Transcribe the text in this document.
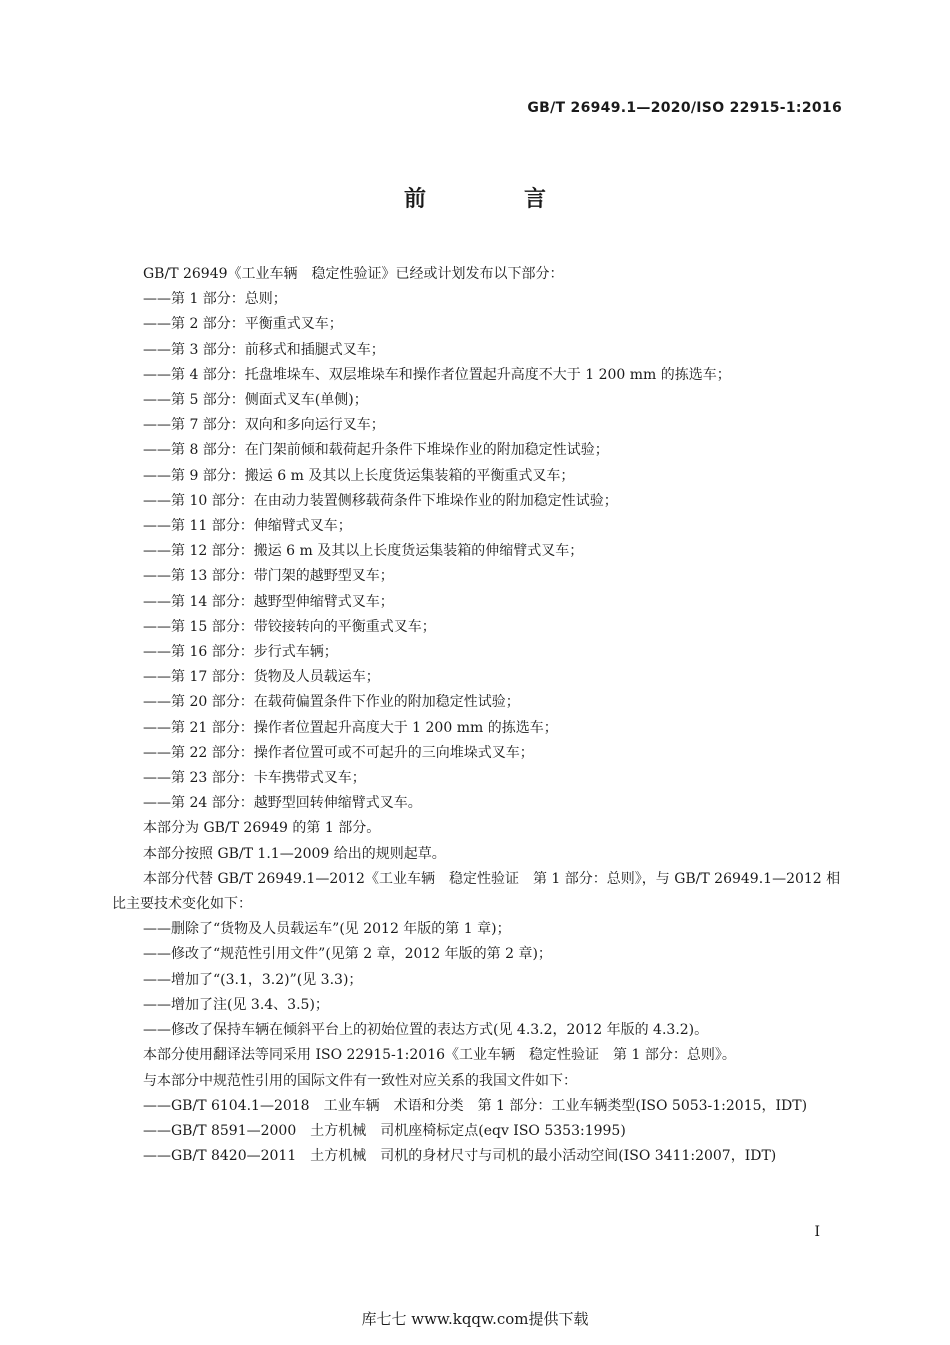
GB/T 26949.1—2020/ISO 22915-1:2016
前　言

GB/T 26949《工业车辆　稳定性验证》已经或计划发布以下部分：

——第 1 部分：总则；

——第 2 部分：平衡重式叉车；

——第 3 部分：前移式和插腿式叉车；

——第 4 部分：托盘堆垛车、双层堆垛车和操作者位置起升高度不大于 1 200 mm 的拣选车；

——第 5 部分：侧面式叉车(单侧)；

——第 7 部分：双向和多向运行叉车；

——第 8 部分：在门架前倾和载荷起升条件下堆垛作业的附加稳定性试验；

——第 9 部分：搬运 6 m 及其以上长度货运集装箱的平衡重式叉车；

——第 10 部分：在由动力装置侧移载荷条件下堆垛作业的附加稳定性试验；

——第 11 部分：伸缩臂式叉车；

——第 12 部分：搬运 6 m 及其以上长度货运集装箱的伸缩臂式叉车；

——第 13 部分：带门架的越野型叉车；

——第 14 部分：越野型伸缩臂式叉车；

——第 15 部分：带铰接转向的平衡重式叉车；

——第 16 部分：步行式车辆；

——第 17 部分：货物及人员载运车；

——第 20 部分：在载荷偏置条件下作业的附加稳定性试验；

——第 21 部分：操作者位置起升高度大于 1 200 mm 的拣选车；

——第 22 部分：操作者位置可或不可起升的三向堆垛式叉车；

——第 23 部分：卡车携带式叉车；

——第 24 部分：越野型回转伸缩臂式叉车。

本部分为 GB/T 26949 的第 1 部分。

本部分按照 GB/T 1.1—2009 给出的规则起草。

本部分代替 GB/T 26949.1—2012《工业车辆　稳定性验证　第 1 部分：总则》，与 GB/T 26949.1—2012 相比主要技术变化如下：

——删除了“货物及人员载运车”(见 2012 年版的第 1 章)；

——修改了“规范性引用文件”(见第 2 章，2012 年版的第 2 章)；

——增加了“(3.1，3.2)”(见 3.3)；

——增加了注(见 3.4、3.5)；

——修改了保持车辆在倾斜平台上的初始位置的表达方式(见 4.3.2，2012 年版的 4.3.2)。

本部分使用翻译法等同采用 ISO 22915-1:2016《工业车辆　稳定性验证　第 1 部分：总则》。

与本部分中规范性引用的国际文件有一致性对应关系的我国文件如下：

——GB/T 6104.1—2018　工业车辆　术语和分类　第 1 部分：工业车辆类型(ISO 5053-1:2015，IDT)

——GB/T 8591—2000　土方机械　司机座椅标定点(eqv ISO 5353:1995)

——GB/T 8420—2011　土方机械　司机的身材尺寸与司机的最小活动空间(ISO 3411:2007，IDT)

I
库七七 www.kqqw.com提供下载
